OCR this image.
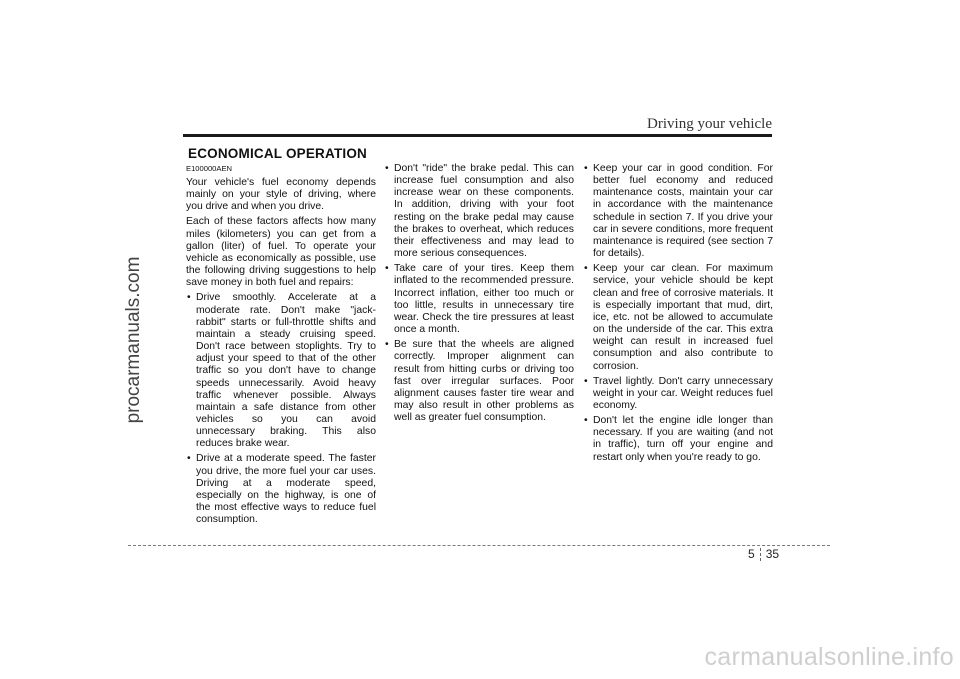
procarmanuals.com
Driving your vehicle
ECONOMICAL OPERATION

E100000AEN

Your vehicle's fuel economy depends mainly on your style of driving, where you drive and when you drive.

Each of these factors affects how many miles (kilometers) you can get from a gallon (liter) of fuel. To operate your vehicle as economically as possible, use the following driving suggestions to help save money in both fuel and repairs:

• Drive smoothly. Accelerate at a moderate rate. Don't make "jack-rabbit" starts or full-throttle shifts and maintain a steady cruising speed. Don't race between stoplights. Try to adjust your speed to that of the other traffic so you don't have to change speeds unnecessarily. Avoid heavy traffic whenever possible. Always maintain a safe distance from other vehicles so you can avoid unnecessary braking. This also reduces brake wear.
• Drive at a moderate speed. The faster you drive, the more fuel your car uses. Driving at a moderate speed, especially on the highway, is one of the most effective ways to reduce fuel consumption.
• Don't "ride" the brake pedal. This can increase fuel consumption and also increase wear on these components. In addition, driving with your foot resting on the brake pedal may cause the brakes to overheat, which reduces their effectiveness and may lead to more serious consequences.
• Take care of your tires. Keep them inflated to the recommended pressure. Incorrect inflation, either too much or too little, results in unnecessary tire wear. Check the tire pressures at least once a month.
• Be sure that the wheels are aligned correctly. Improper alignment can result from hitting curbs or driving too fast over irregular surfaces. Poor alignment causes faster tire wear and may also result in other problems as well as greater fuel consumption.
• Keep your car in good condition. For better fuel economy and reduced maintenance costs, maintain your car in accordance with the maintenance schedule in section 7. If you drive your car in severe conditions, more frequent maintenance is required (see section 7 for details).
• Keep your car clean. For maximum service, your vehicle should be kept clean and free of corrosive materials. It is especially important that mud, dirt, ice, etc. not be allowed to accumulate on the underside of the car. This extra weight can result in increased fuel consumption and also contribute to corrosion.
• Travel lightly. Don't carry unnecessary weight in your car. Weight reduces fuel economy.
• Don't let the engine idle longer than necessary. If you are waiting (and not in traffic), turn off your engine and restart only when you're ready to go.
5 35
carmanualsonline.info
